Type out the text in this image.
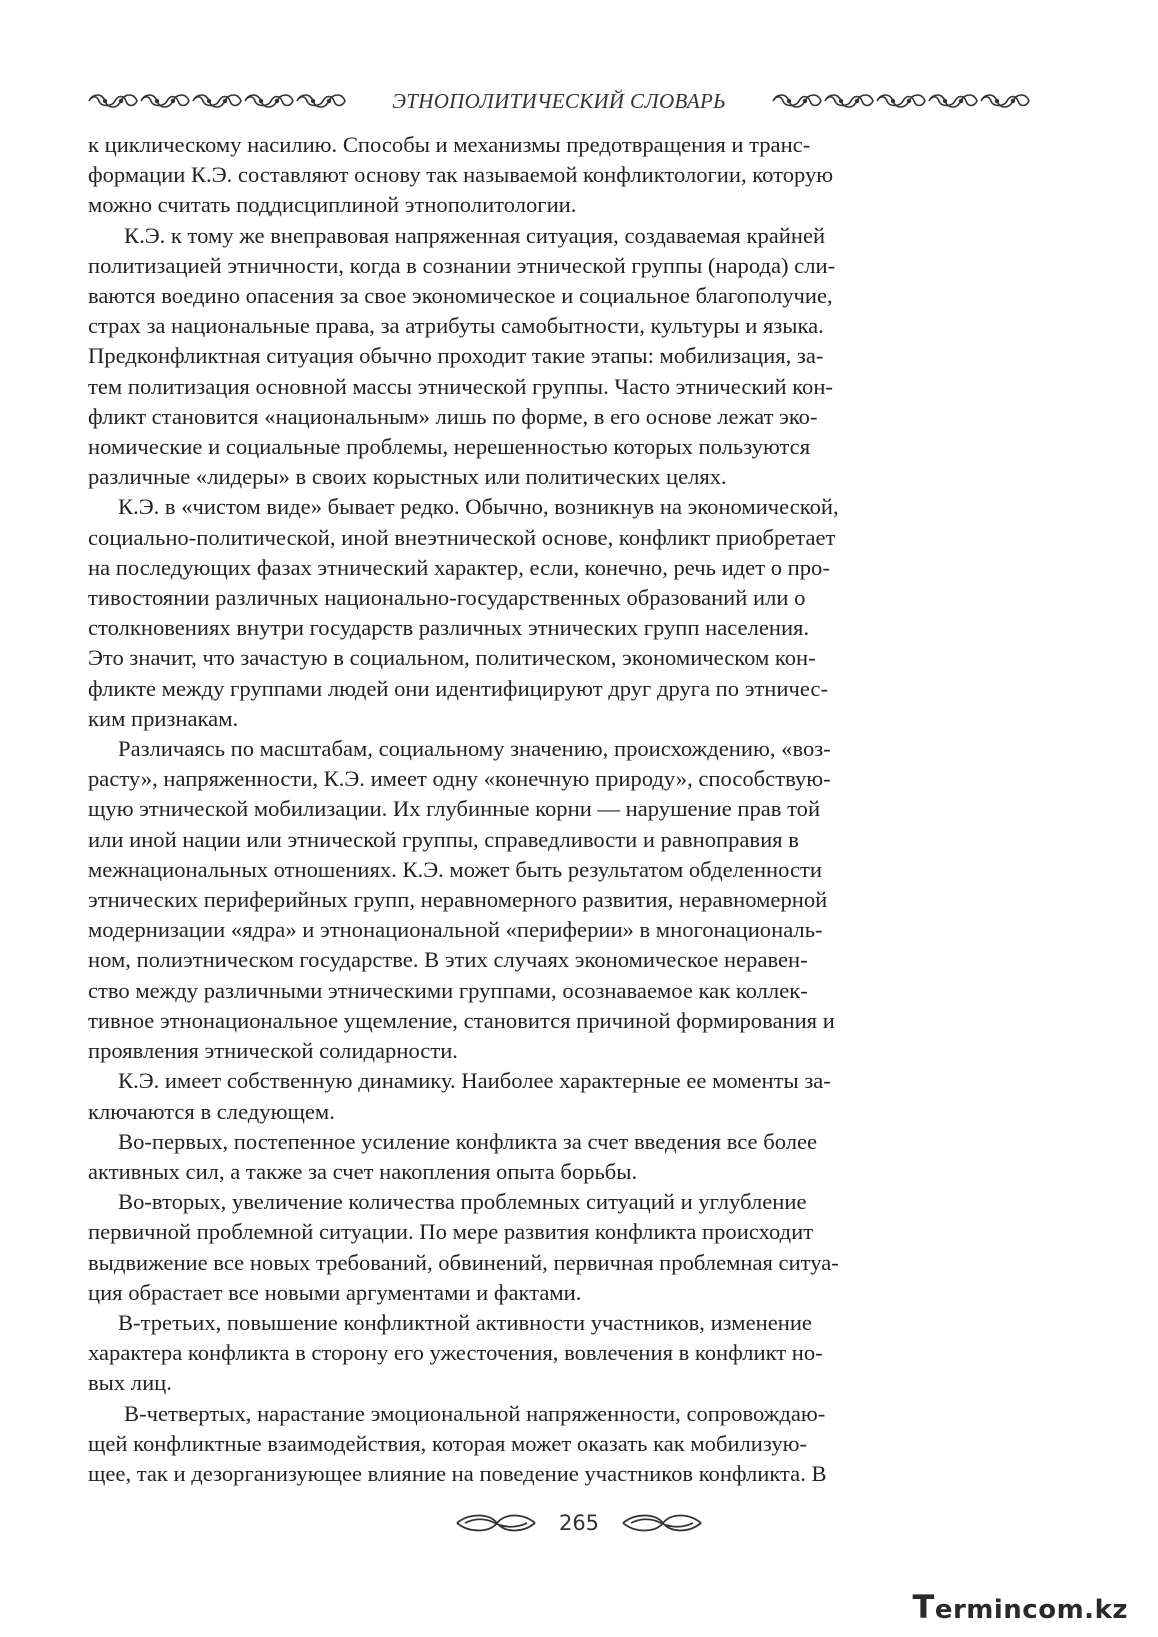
ЭТНОПОЛИТИЧЕСКИЙ СЛОВАРЬ

к циклическому насилию. Способы и механизмы предотвращения и транс-

формации К.Э. составляют основу так называемой конфликтологии, которую

можно считать поддисциплиной этнополитологии.

К.Э. к тому же внеправовая напряженная ситуация, создаваемая крайней

политизацией этничности, когда в сознании этнической группы (народа) сли-

ваются воедино опасения за свое экономическое и социальное благополучие,

страх за национальные права, за атрибуты самобытности, культуры и языка.

Предконфликтная ситуация обычно проходит такие этапы: мобилизация, за-

тем политизация основной массы этнической группы. Часто этнический кон-

фликт становится «национальным» лишь по форме, в его основе лежат эко-

номические и социальные проблемы, нерешенностью которых пользуются

различные «лидеры» в своих корыстных или политических целях.

К.Э. в «чистом виде» бывает редко. Обычно, возникнув на экономической,

социально-политической, иной внеэтнической основе, конфликт приобретает

на последующих фазах этнический характер, если, конечно, речь идет о про-

тивостоянии различных национально-государственных образований или о

столкновениях внутри государств различных этнических групп населения.

Это значит, что зачастую в социальном, политическом, экономическом кон-

фликте между группами людей они идентифицируют друг друга по этничес-

ким признакам.

Различаясь по масштабам, социальному значению, происхождению, «воз-

расту», напряженности, К.Э. имеет одну «конечную природу», способствую-

щую этнической мобилизации. Их глубинные корни — нарушение прав той

или иной нации или этнической группы, справедливости и равноправия в

межнациональных отношениях. К.Э. может быть результатом обделенности

этнических периферийных групп, неравномерного развития, неравномерной

модернизации «ядра» и этнонациональной «периферии» в многонациональ-

ном, полиэтническом государстве. В этих случаях экономическое неравен-

ство между различными этническими группами, осознаваемое как коллек-

тивное этнонациональное ущемление, становится причиной формирования и

проявления этнической солидарности.

К.Э. имеет собственную динамику. Наиболее характерные ее моменты за-

ключаются в следующем.

Во-первых, постепенное усиление конфликта за счет введения все более

активных сил, а также за счет накопления опыта борьбы.

Во-вторых, увеличение количества проблемных ситуаций и углубление

первичной проблемной ситуации. По мере развития конфликта происходит

выдвижение все новых требований, обвинений, первичная проблемная ситуа-

ция обрастает все новыми аргументами и фактами.

В-третьих, повышение конфликтной активности участников, изменение

характера конфликта в сторону его ужесточения, вовлечения в конфликт но-

вых лиц.

В-четвертых, нарастание эмоциональной напряженности, сопровождаю-

щей конфликтные взаимодействия, которая может оказать как мобилизую-

щее, так и дезорганизующее влияние на поведение участников конфликта. В

265
Termincom.kz
